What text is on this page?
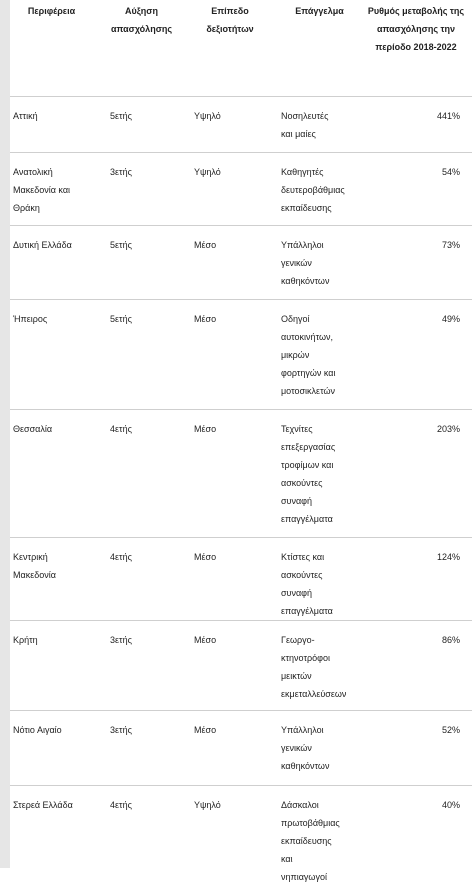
Περιφέρεια	Αύξηση απασχόλησης	Επίπεδο δεξιοτήτων	Επάγγελμα	Ρυθμός μεταβολής της απασχόλησης την περίοδο 2018-2022

Αττική	5ετής	Υψηλό	Νοσηλευτές και μαίες	441%

Ανατολική Μακεδονία και Θράκη	3ετής	Υψηλό	Καθηγητές δευτεροβάθμιας εκπαίδευσης	54%

Δυτική Ελλάδα	5ετής	Μέσο	Υπάλληλοι γενικών καθηκόντων	73%

Ήπειρος	5ετής	Μέσο	Οδηγοί αυτοκινήτων, μικρών φορτηγών και μοτοσικλετών	49%

Θεσσαλία	4ετής	Μέσο	Τεχνίτες επεξεργασίας τροφίμων και ασκούντες συναφή επαγγέλματα	203%

Κεντρική Μακεδονία	4ετής	Μέσο	Κτίστες και ασκούντες συναφή επαγγέλματα	124%

Κρήτη	3ετής	Μέσο	Γεωργο-κτηνοτρόφοι μεικτών εκμεταλλεύσεων	86%

Νότιο Αιγαίο	3ετής	Μέσο	Υπάλληλοι γενικών καθηκόντων	52%

Στερεά Ελλάδα	4ετής	Υψηλό	Δάσκαλοι πρωτοβάθμιας εκπαίδευσης και νηπιαγωγοί	40%
